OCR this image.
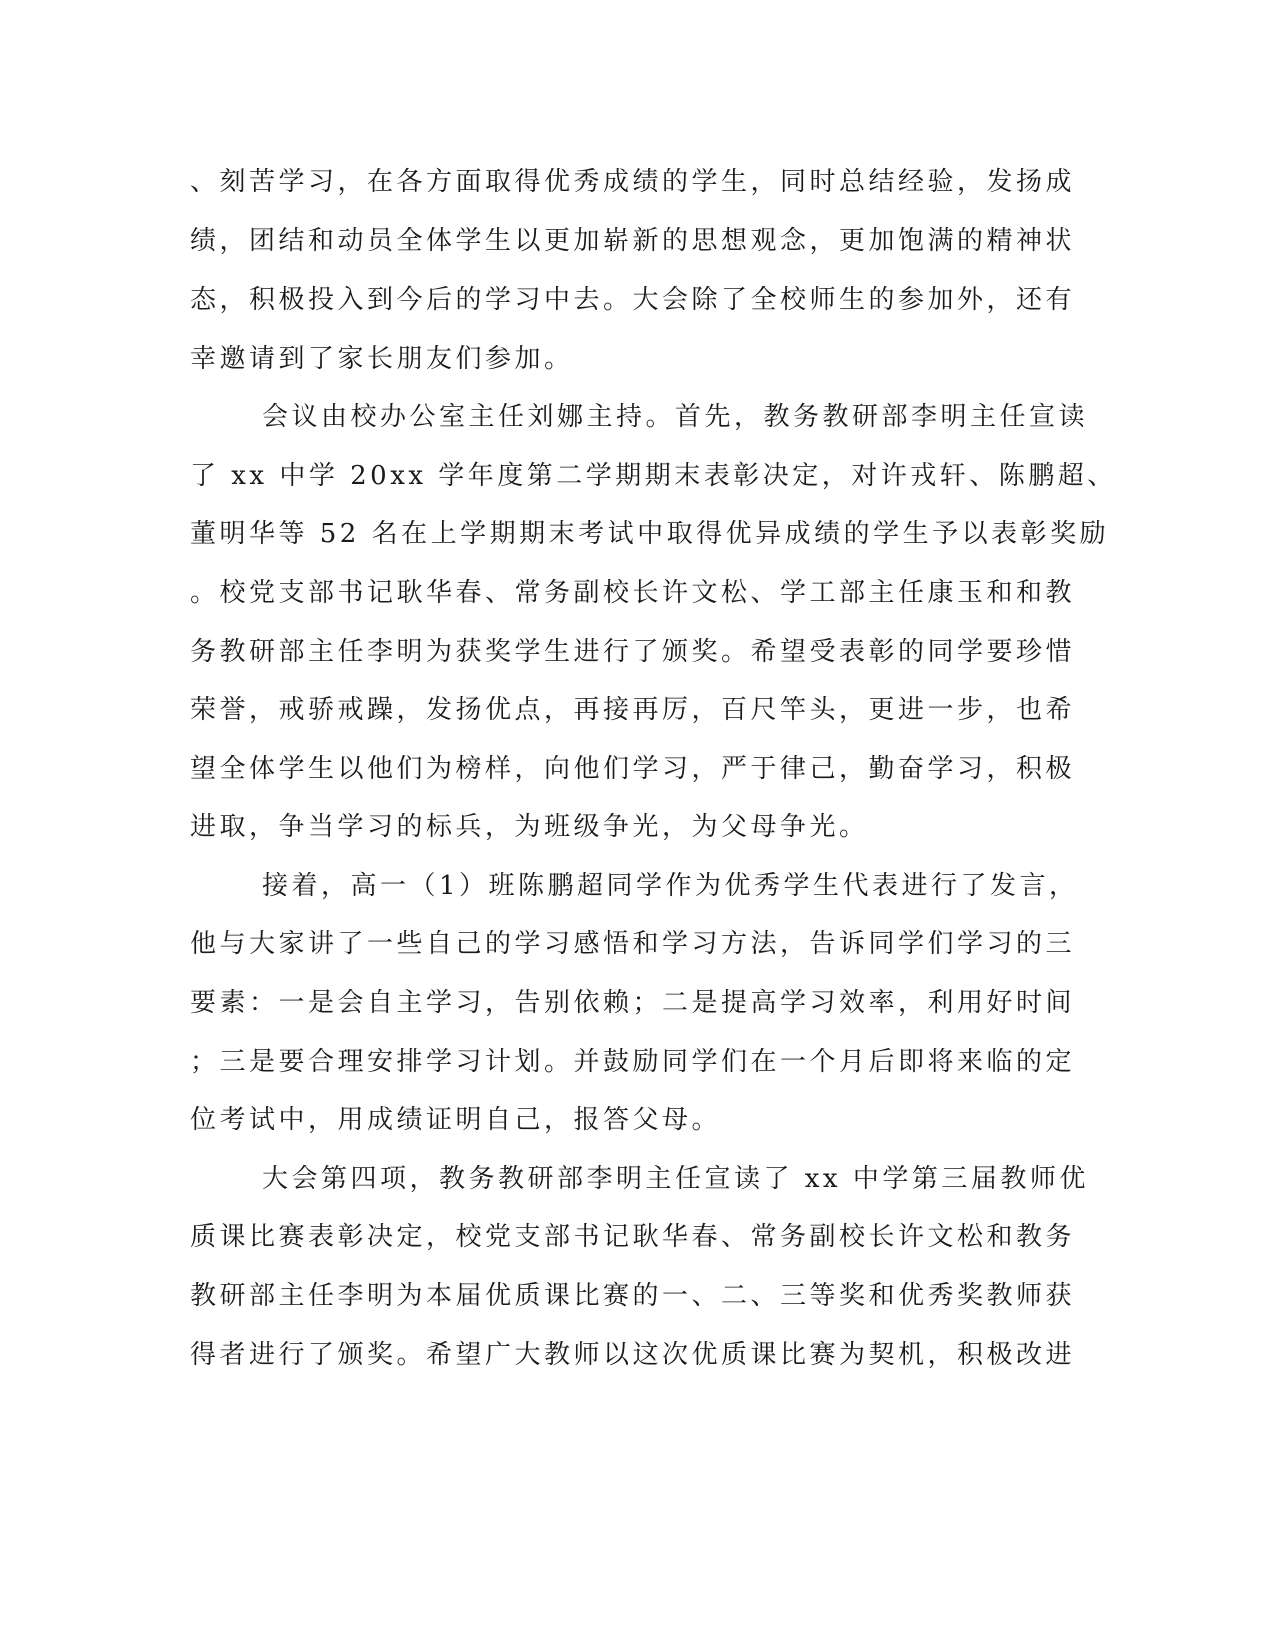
、刻苦学习，在各方面取得优秀成绩的学生，同时总结经验，发扬成
绩，团结和动员全体学生以更加崭新的思想观念，更加饱满的精神状
态，积极投入到今后的学习中去。大会除了全校师生的参加外，还有
幸邀请到了家长朋友们参加。
会议由校办公室主任刘娜主持。首先，教务教研部李明主任宣读
了 xx 中学 20xx 学年度第二学期期末表彰决定，对许戎轩、陈鹏超、
董明华等 52 名在上学期期末考试中取得优异成绩的学生予以表彰奖励
。校党支部书记耿华春、常务副校长许文松、学工部主任康玉和和教
务教研部主任李明为获奖学生进行了颁奖。希望受表彰的同学要珍惜
荣誉，戒骄戒躁，发扬优点，再接再厉，百尺竿头，更进一步，也希
望全体学生以他们为榜样，向他们学习，严于律己，勤奋学习，积极
进取，争当学习的标兵，为班级争光，为父母争光。
接着，高一（1）班陈鹏超同学作为优秀学生代表进行了发言，
他与大家讲了一些自己的学习感悟和学习方法，告诉同学们学习的三
要素：一是会自主学习，告别依赖；二是提高学习效率，利用好时间
；三是要合理安排学习计划。并鼓励同学们在一个月后即将来临的定
位考试中，用成绩证明自己，报答父母。
大会第四项，教务教研部李明主任宣读了 xx 中学第三届教师优
质课比赛表彰决定，校党支部书记耿华春、常务副校长许文松和教务
教研部主任李明为本届优质课比赛的一、二、三等奖和优秀奖教师获
得者进行了颁奖。希望广大教师以这次优质课比赛为契机，积极改进
